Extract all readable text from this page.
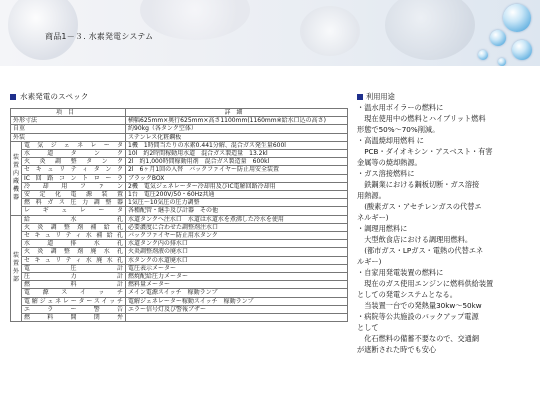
商品1－３. 水素発電システム
水素発電のスペック
項目		詳細
外形寸法		横幅625mm×奥行625mm×高さ1100mm(1160mm※給水口込の高さ)
自重		約90kg（各タンク空体）
外装		ステンレス化粧鋼板
装置内蔵機器	電気ジェネレータ	1機　1時間当たりの水素0.441分解、混合ガス発生量600l
	水道タンク	10l　約2時間稼動用水道　混合ガス製造量　13.2kl
	火炎調整タンク	2l　約1,000時間稼動用剤　混合ガス製造量　600kl
	セキュリティタンク	2l　6ヶ月1回の入替　バックファイヤー防止用安全装置
	IC回路コントローラ	ブラックBOX
	冷却用ファン	2機　電気ジェネレーター冷却用及びIC電解回路冷却用
	安定化電源装置	1台　電圧200V/50・60Hz共通
	燃料ガス圧力調整器	1気圧～10気圧の圧力調整
	レギュレータ	各種配管・継手及び計器　その他
装置外部	給水孔	水道タンクへ注水口　水道は水道水を煮沸した冷水を使用
	火炎調整剤補給孔	必要濃度に合わせた調整剤注水口
	セキュリティ水補給孔	バックファイヤー防止用水タンク
	水道排水孔	水道タンク内の排水口
	火炎調整剤廃水孔	火炎調整剤液の廃水口
	セキュリティ水廃水孔	水タンクの水道廃水口
	電圧計	電圧表示メーター
	圧力計	燃焼配給圧力メーター
	燃料計	燃料量メーター
	電源スイッチ	メイン電源スイッチ　稼動ランプ
	電解ジェネレータースイッチ	電解ジェネレーター稼動スイッチ　稼動ランプ
	エラー警告	エラー信号灯及び警報ブザー
	燃料開閉弁	
利用用途
・温水用ボイラーの燃料に
　現在使用中の燃料とハイブリット燃料
形態で50%～70%削減。
・高温焼却用燃料 に
　PCB・ダイオキシン・アスベスト・有害
金属等の焼却熱源。
・ガス溶接燃料に
　鉄鋼業における鋼板切断・ガス溶接
用熱源。
　(酸素ガス・アセチレンガスの代替エ
ネルギー)
・調理用燃料に
　大型飲食店における調理用燃料。
　(都市ガス・LPガス・電熱の代替エネ
ルギー)
・自家用発電装置の燃料に
　現在のガス使用エンジンに燃料供給装置
としての発電システムとなる。
　当装置一台での発熱量30kw～50kw
・病院等公共施設のバックアップ電源
として
　化石燃料の備蓄不要なので、交通網
が遮断された時でも安心
